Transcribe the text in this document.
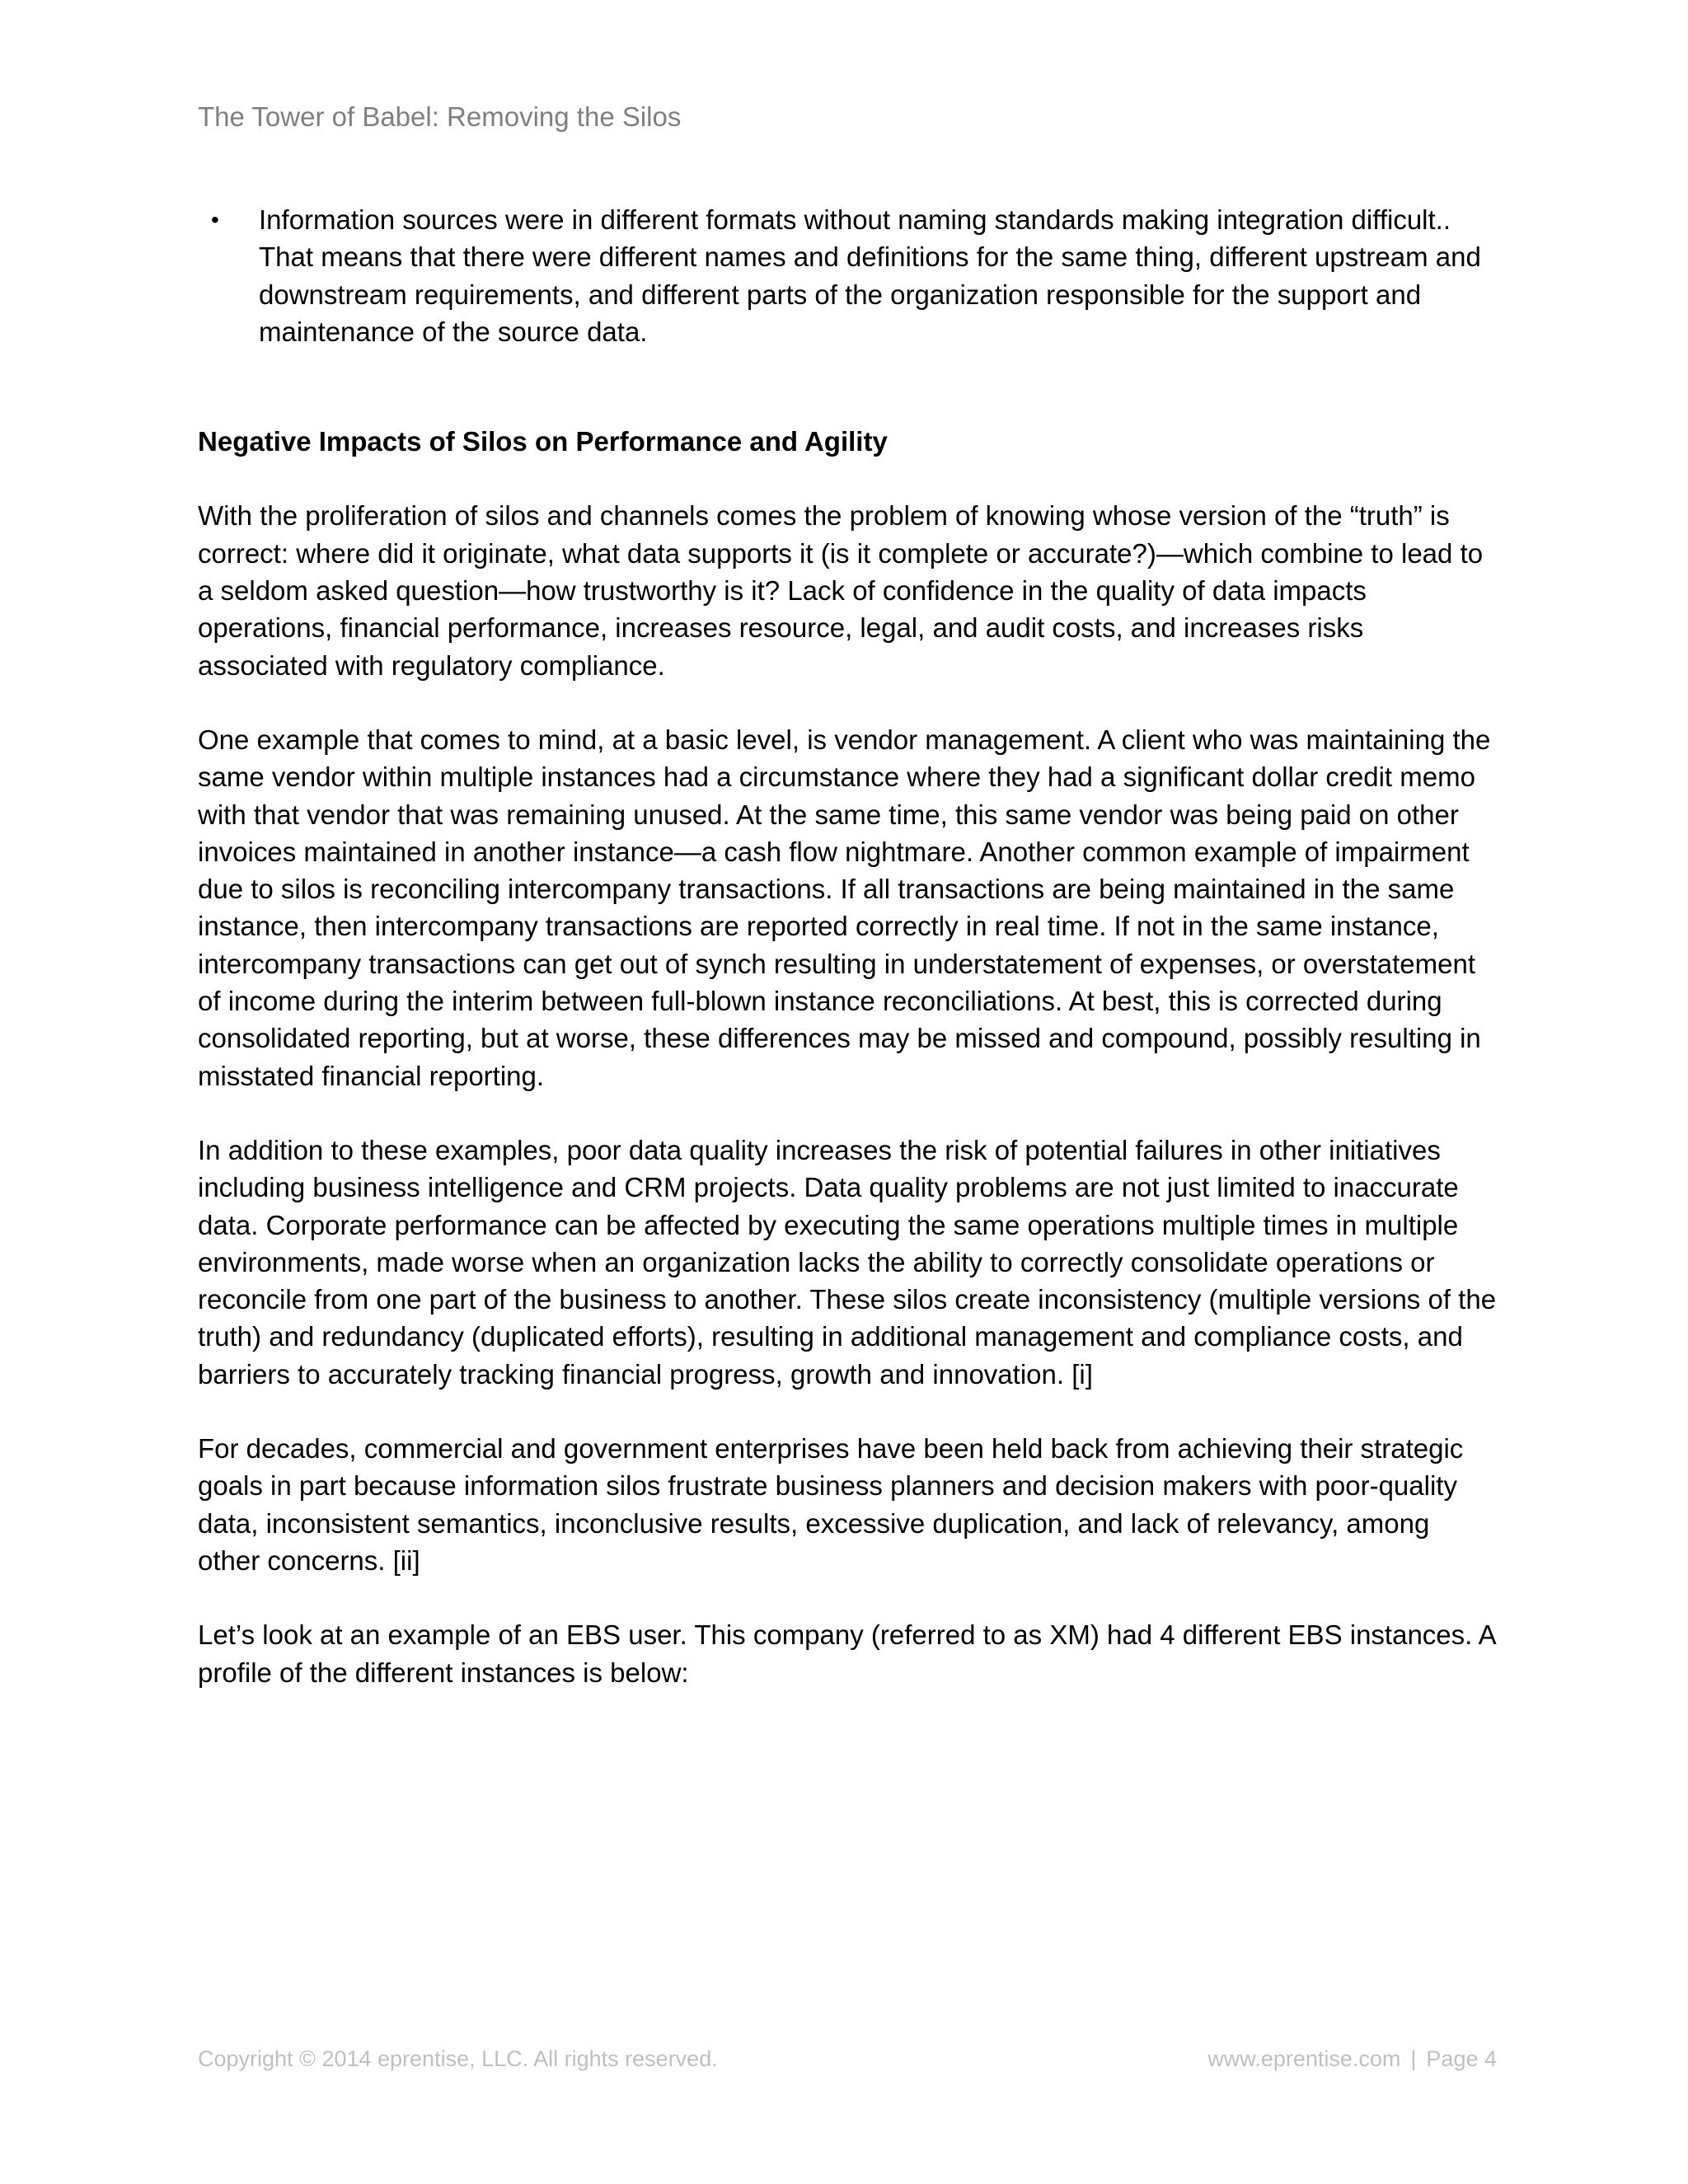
The Tower of Babel: Removing the Silos
• Information sources were in different formats without naming standards making integration difficult.. That means that there were different names and definitions for the same thing, different upstream and downstream requirements, and different parts of the organization responsible for the support and maintenance of the source data.
Negative Impacts of Silos on Performance and Agility

With the proliferation of silos and channels comes the problem of knowing whose version of the “truth” is correct: where did it originate, what data supports it (is it complete or accurate?)—which combine to lead to a seldom asked question—how trustworthy is it? Lack of confidence in the quality of data impacts operations, financial performance, increases resource, legal, and audit costs, and increases risks associated with regulatory compliance.

One example that comes to mind, at a basic level, is vendor management. A client who was maintaining the same vendor within multiple instances had a circumstance where they had a significant dollar credit memo with that vendor that was remaining unused. At the same time, this same vendor was being paid on other invoices maintained in another instance—a cash flow nightmare. Another common example of impairment due to silos is reconciling intercompany transactions. If all transactions are being maintained in the same instance, then intercompany transactions are reported correctly in real time. If not in the same instance, intercompany transactions can get out of synch resulting in understatement of expenses, or overstatement of income during the interim between full-blown instance reconciliations. At best, this is corrected during consolidated reporting, but at worse, these differences may be missed and compound, possibly resulting in misstated financial reporting.

In addition to these examples, poor data quality increases the risk of potential failures in other initiatives including business intelligence and CRM projects. Data quality problems are not just limited to inaccurate data. Corporate performance can be affected by executing the same operations multiple times in multiple environments, made worse when an organization lacks the ability to correctly consolidate operations or reconcile from one part of the business to another. These silos create inconsistency (multiple versions of the truth) and redundancy (duplicated efforts), resulting in additional management and compliance costs, and barriers to accurately tracking financial progress, growth and innovation. [i]

For decades, commercial and government enterprises have been held back from achieving their strategic goals in part because information silos frustrate business planners and decision makers with poor-quality data, inconsistent semantics, inconclusive results, excessive duplication, and lack of relevancy, among other concerns. [ii]

Let’s look at an example of an EBS user. This company (referred to as XM) had 4 different EBS instances. A profile of the different instances is below:

Copyright © 2014 eprentise, LLC. All rights reserved.	www.eprentise.com | Page 4
